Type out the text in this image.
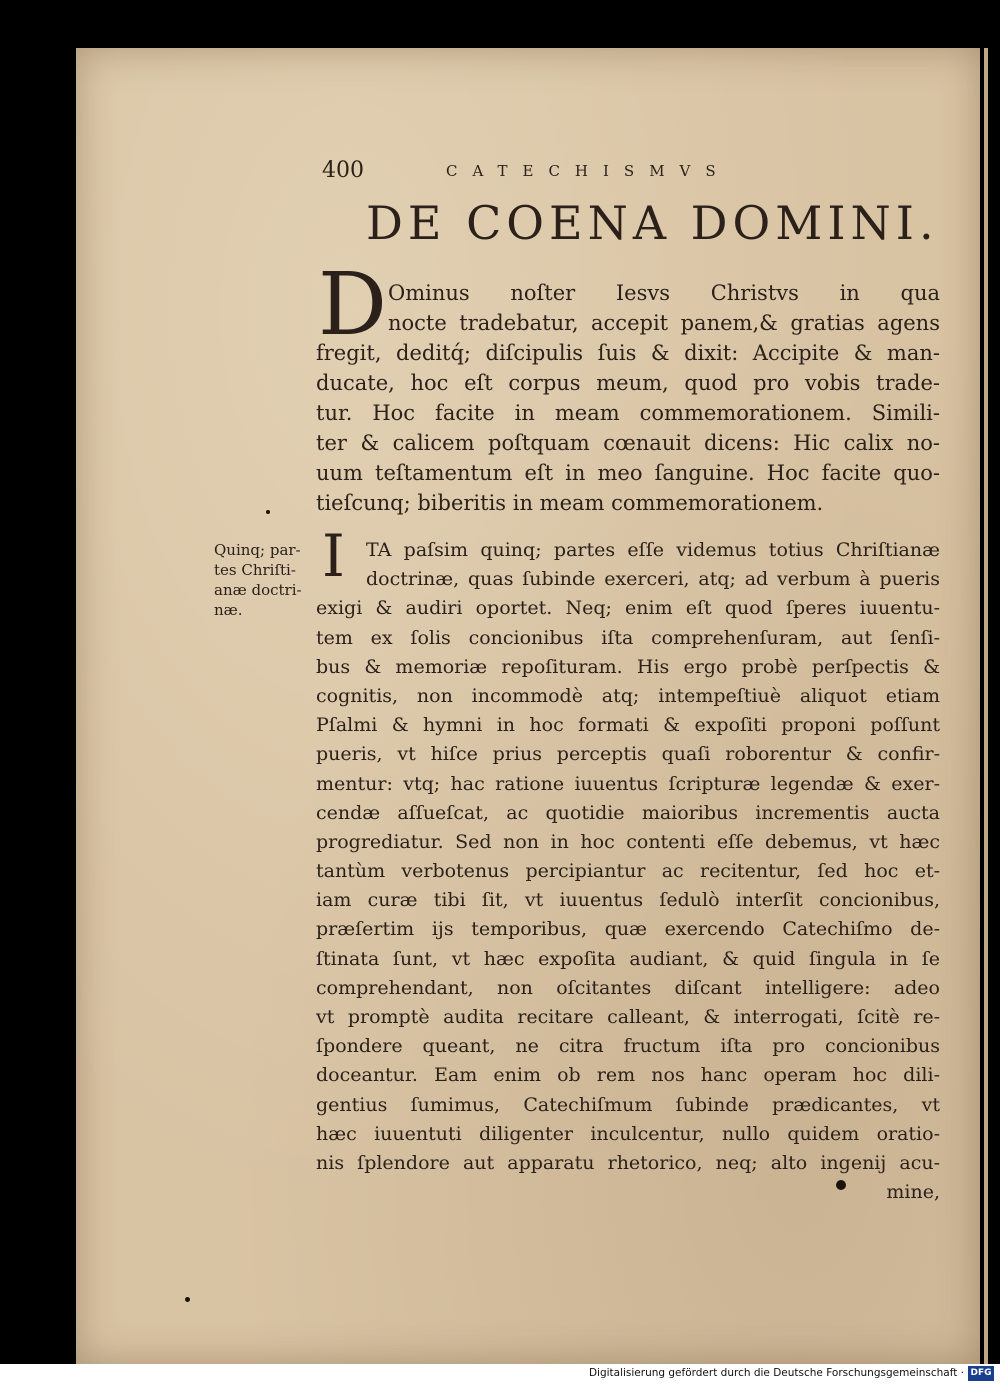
400	CATECHISMVS
DE COENA DOMINI.
D Ominus noſter Iesvs Christvs in qua
nocte tradebatur, accepit panem,& gratias agens
fregit, deditq́; diſcipulis ſuis & dixit: Accipite & man-
ducate, hoc eſt corpus meum, quod pro vobis trade-
tur. Hoc facite in meam commemorationem. Simili-
ter & calicem poſtquam cœnauit dicens: Hic calix no-
uum teſtamentum eſt in meo ſanguine. Hoc facite quo-
tieſcunq; biberitis in meam commemorationem.
Quinq; par-
tes Chriſti-
anæ doctri-
næ.
I	TA paſsim quinq; partes eſſe videmus totius Chriſtianæ
doctrinæ, quas ſubinde exerceri, atq; ad verbum à pueris
exigi & audiri oportet. Neq; enim eſt quod ſperes iuuentu-
tem ex ſolis concionibus iſta comprehenſuram, aut ſenſi-
bus & memoriæ repoſituram. His ergo probè perſpectis &
cognitis, non incommodè atq; intempeſtiuè aliquot etiam
Pſalmi & hymni in hoc formati & expoſiti proponi poſſunt
pueris, vt hiſce prius perceptis quaſi roborentur & confir-
mentur: vtq; hac ratione iuuentus ſcripturæ legendæ & exer-
cendæ aſſueſcat, ac quotidie maioribus incrementis aucta
progrediatur. Sed non in hoc contenti eſſe debemus, vt hæc
tantùm verbotenus percipiantur ac recitentur, ſed hoc et-
iam curæ tibi ſit, vt iuuentus ſedulò interſit concionibus,
præſertim ijs temporibus, quæ exercendo Catechiſmo de-
ſtinata ſunt, vt hæc expoſita audiant, & quid ſingula in ſe
comprehendant, non oſcitantes diſcant intelligere: adeo
vt promptè audita recitare calleant, & interrogati, ſcitè re-
ſpondere queant, ne citra fructum iſta pro concionibus
doceantur. Eam enim ob rem nos hanc operam hoc dili-
gentius ſumimus, Catechiſmum ſubinde prædicantes, vt
hæc iuuentuti diligenter inculcentur, nullo quidem oratio-
nis ſplendore aut apparatu rhetorico, neq; alto ingenij acu-
mine,
Digitalisierung gefördert durch die Deutsche Forschungsgemeinschaft · DFG
